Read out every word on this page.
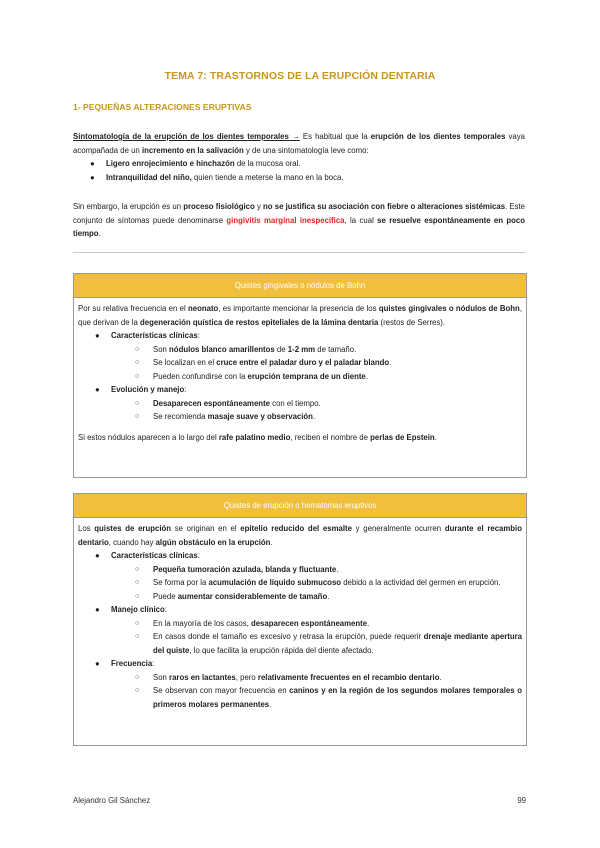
TEMA 7: TRASTORNOS DE LA ERUPCIÓN DENTARIA
1- PEQUEÑAS ALTERACIONES ERUPTIVAS
Sintomatología de la erupción de los dientes temporales → Es habitual que la erupción de los dientes temporales vaya acompañada de un incremento en la salivación y de una sintomatología leve como:
● Ligero enrojecimiento e hinchazón de la mucosa oral.
● Intranquilidad del niño, quien tiende a meterse la mano en la boca.
Sin embargo, la erupción es un proceso fisiológico y no se justifica su asociación con fiebre o alteraciones sistémicas. Este conjunto de síntomas puede denominarse gingivitis marginal inespecífica, la cual se resuelve espontáneamente en poco tiempo.
Quistes gingivales o nódulos de Bohn
Por su relativa frecuencia en el neonato, es importante mencionar la presencia de los quistes gingivales o nódulos de Bohn, que derivan de la degeneración quística de restos epiteliales de la lámina dentaria (restos de Serres).
● Características clínicas:
○ Son nódulos blanco amarillentos de 1-2 mm de tamaño.
○ Se localizan en el cruce entre el paladar duro y el paladar blando.
○ Pueden confundirse con la erupción temprana de un diente.
● Evolución y manejo:
○ Desaparecen espontáneamente con el tiempo.
○ Se recomienda masaje suave y observación.
Si estos nódulos aparecen a lo largo del rafe palatino medio, reciben el nombre de perlas de Epstein.
Quistes de erupción o hematomas eruptivos
Los quistes de erupción se originan en el epitelio reducido del esmalte y generalmente ocurren durante el recambio dentario, cuando hay algún obstáculo en la erupción.
● Características clínicas:
○ Pequeña tumoración azulada, blanda y fluctuante.
○ Se forma por la acumulación de líquido submucoso debido a la actividad del germen en erupción.
○ Puede aumentar considerablemente de tamaño.
● Manejo clínico:
○ En la mayoría de los casos, desaparecen espontáneamente.
○ En casos donde el tamaño es excesivo y retrasa la erupción, puede requerir drenaje mediante apertura del quiste, lo que facilita la erupción rápida del diente afectado.
● Frecuencia:
○ Son raros en lactantes, pero relativamente frecuentes en el recambio dentario.
○ Se observan con mayor frecuencia en caninos y en la región de los segundos molares temporales o primeros molares permanentes.
Alejandro Gil Sánchez	99
